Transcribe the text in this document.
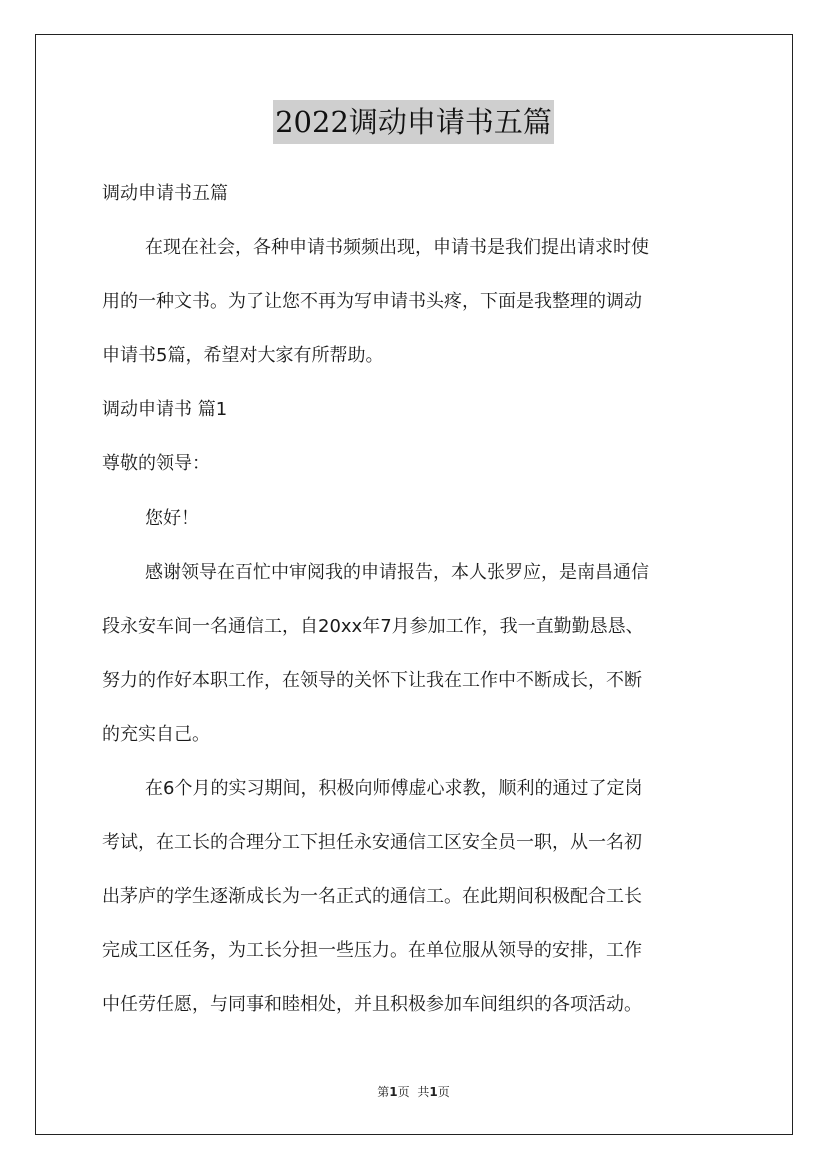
2022调动申请书五篇
调动申请书五篇
在现在社会，各种申请书频频出现，申请书是我们提出请求时使
用的一种文书。为了让您不再为写申请书头疼，下面是我整理的调动
申请书5篇，希望对大家有所帮助。
调动申请书 篇1
尊敬的领导：
您好！
感谢领导在百忙中审阅我的申请报告，本人张罗应，是南昌通信
段永安车间一名通信工，自20xx年7月参加工作，我一直勤勤恳恳、
努力的作好本职工作，在领导的关怀下让我在工作中不断成长，不断
的充实自己。
在6个月的实习期间，积极向师傅虚心求教，顺利的通过了定岗
考试，在工长的合理分工下担任永安通信工区安全员一职，从一名初
出茅庐的学生逐渐成长为一名正式的通信工。在此期间积极配合工长
完成工区任务，为工长分担一些压力。在单位服从领导的安排，工作
中任劳任愿，与同事和睦相处，并且积极参加车间组织的各项活动。
第1页 共1页
